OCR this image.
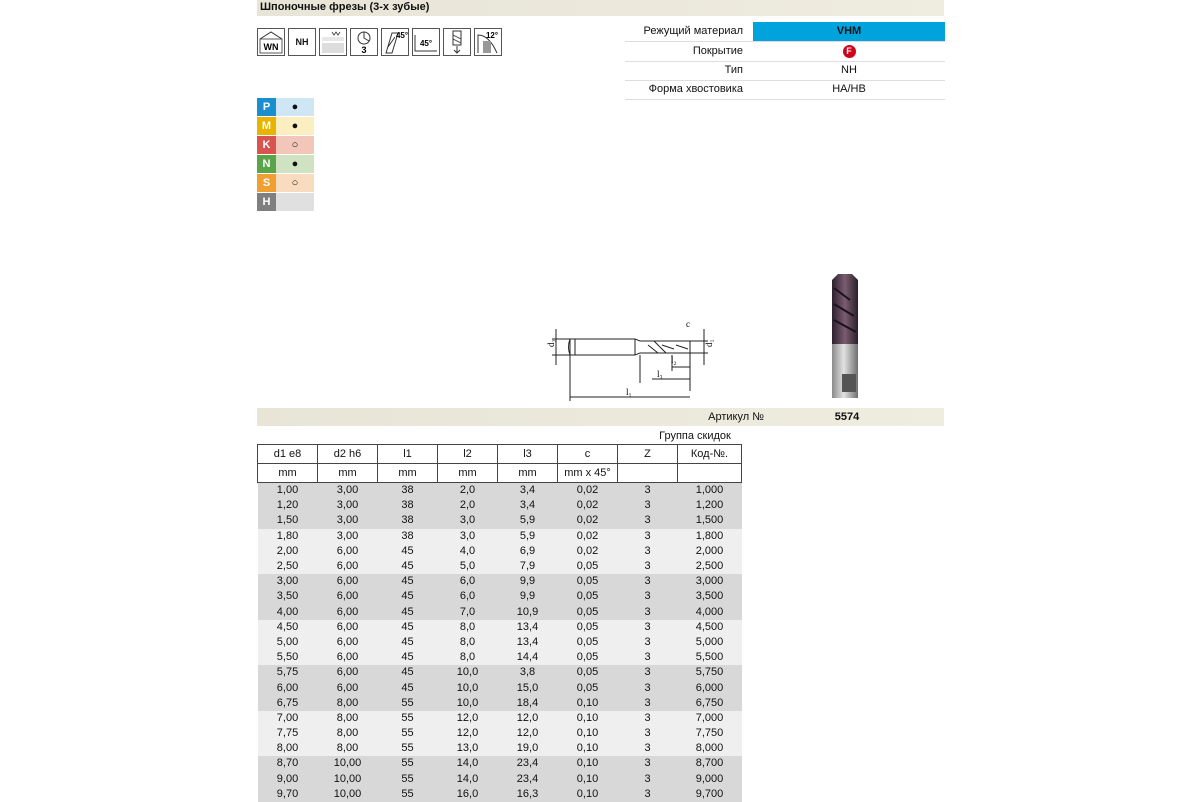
Шпоночные фрезы (3-х зубые)
WN NH
3
45°
45°
12°	Режущий материал	VHM
Покрытие	F
Тип	NH
Форма хвостовика	HA/HB
P	●
M	●
K	○
N	●
S	○
H
d₂	d₁
c
l₂
l₃
l₁
Артикул №	5574
Группа скидок
d1 e8	d2 h6	l1	l2	l3	c	Z	Код-№.
mm	mm	mm	mm	mm	mm x 45°		
1,00	3,00	38	2,0	3,4	0,02	3	1,000
1,20	3,00	38	2,0	3,4	0,02	3	1,200
1,50	3,00	38	3,0	5,9	0,02	3	1,500
1,80	3,00	38	3,0	5,9	0,02	3	1,800
2,00	6,00	45	4,0	6,9	0,02	3	2,000
2,50	6,00	45	5,0	7,9	0,05	3	2,500
3,00	6,00	45	6,0	9,9	0,05	3	3,000
3,50	6,00	45	6,0	9,9	0,05	3	3,500
4,00	6,00	45	7,0	10,9	0,05	3	4,000
4,50	6,00	45	8,0	13,4	0,05	3	4,500
5,00	6,00	45	8,0	13,4	0,05	3	5,000
5,50	6,00	45	8,0	14,4	0,05	3	5,500
5,75	6,00	45	10,0	3,8	0,05	3	5,750
6,00	6,00	45	10,0	15,0	0,05	3	6,000
6,75	8,00	55	10,0	18,4	0,10	3	6,750
7,00	8,00	55	12,0	12,0	0,10	3	7,000
7,75	8,00	55	12,0	12,0	0,10	3	7,750
8,00	8,00	55	13,0	19,0	0,10	3	8,000
8,70	10,00	55	14,0	23,4	0,10	3	8,700
9,00	10,00	55	14,0	23,4	0,10	3	9,000
9,70	10,00	55	16,0	16,3	0,10	3	9,700
